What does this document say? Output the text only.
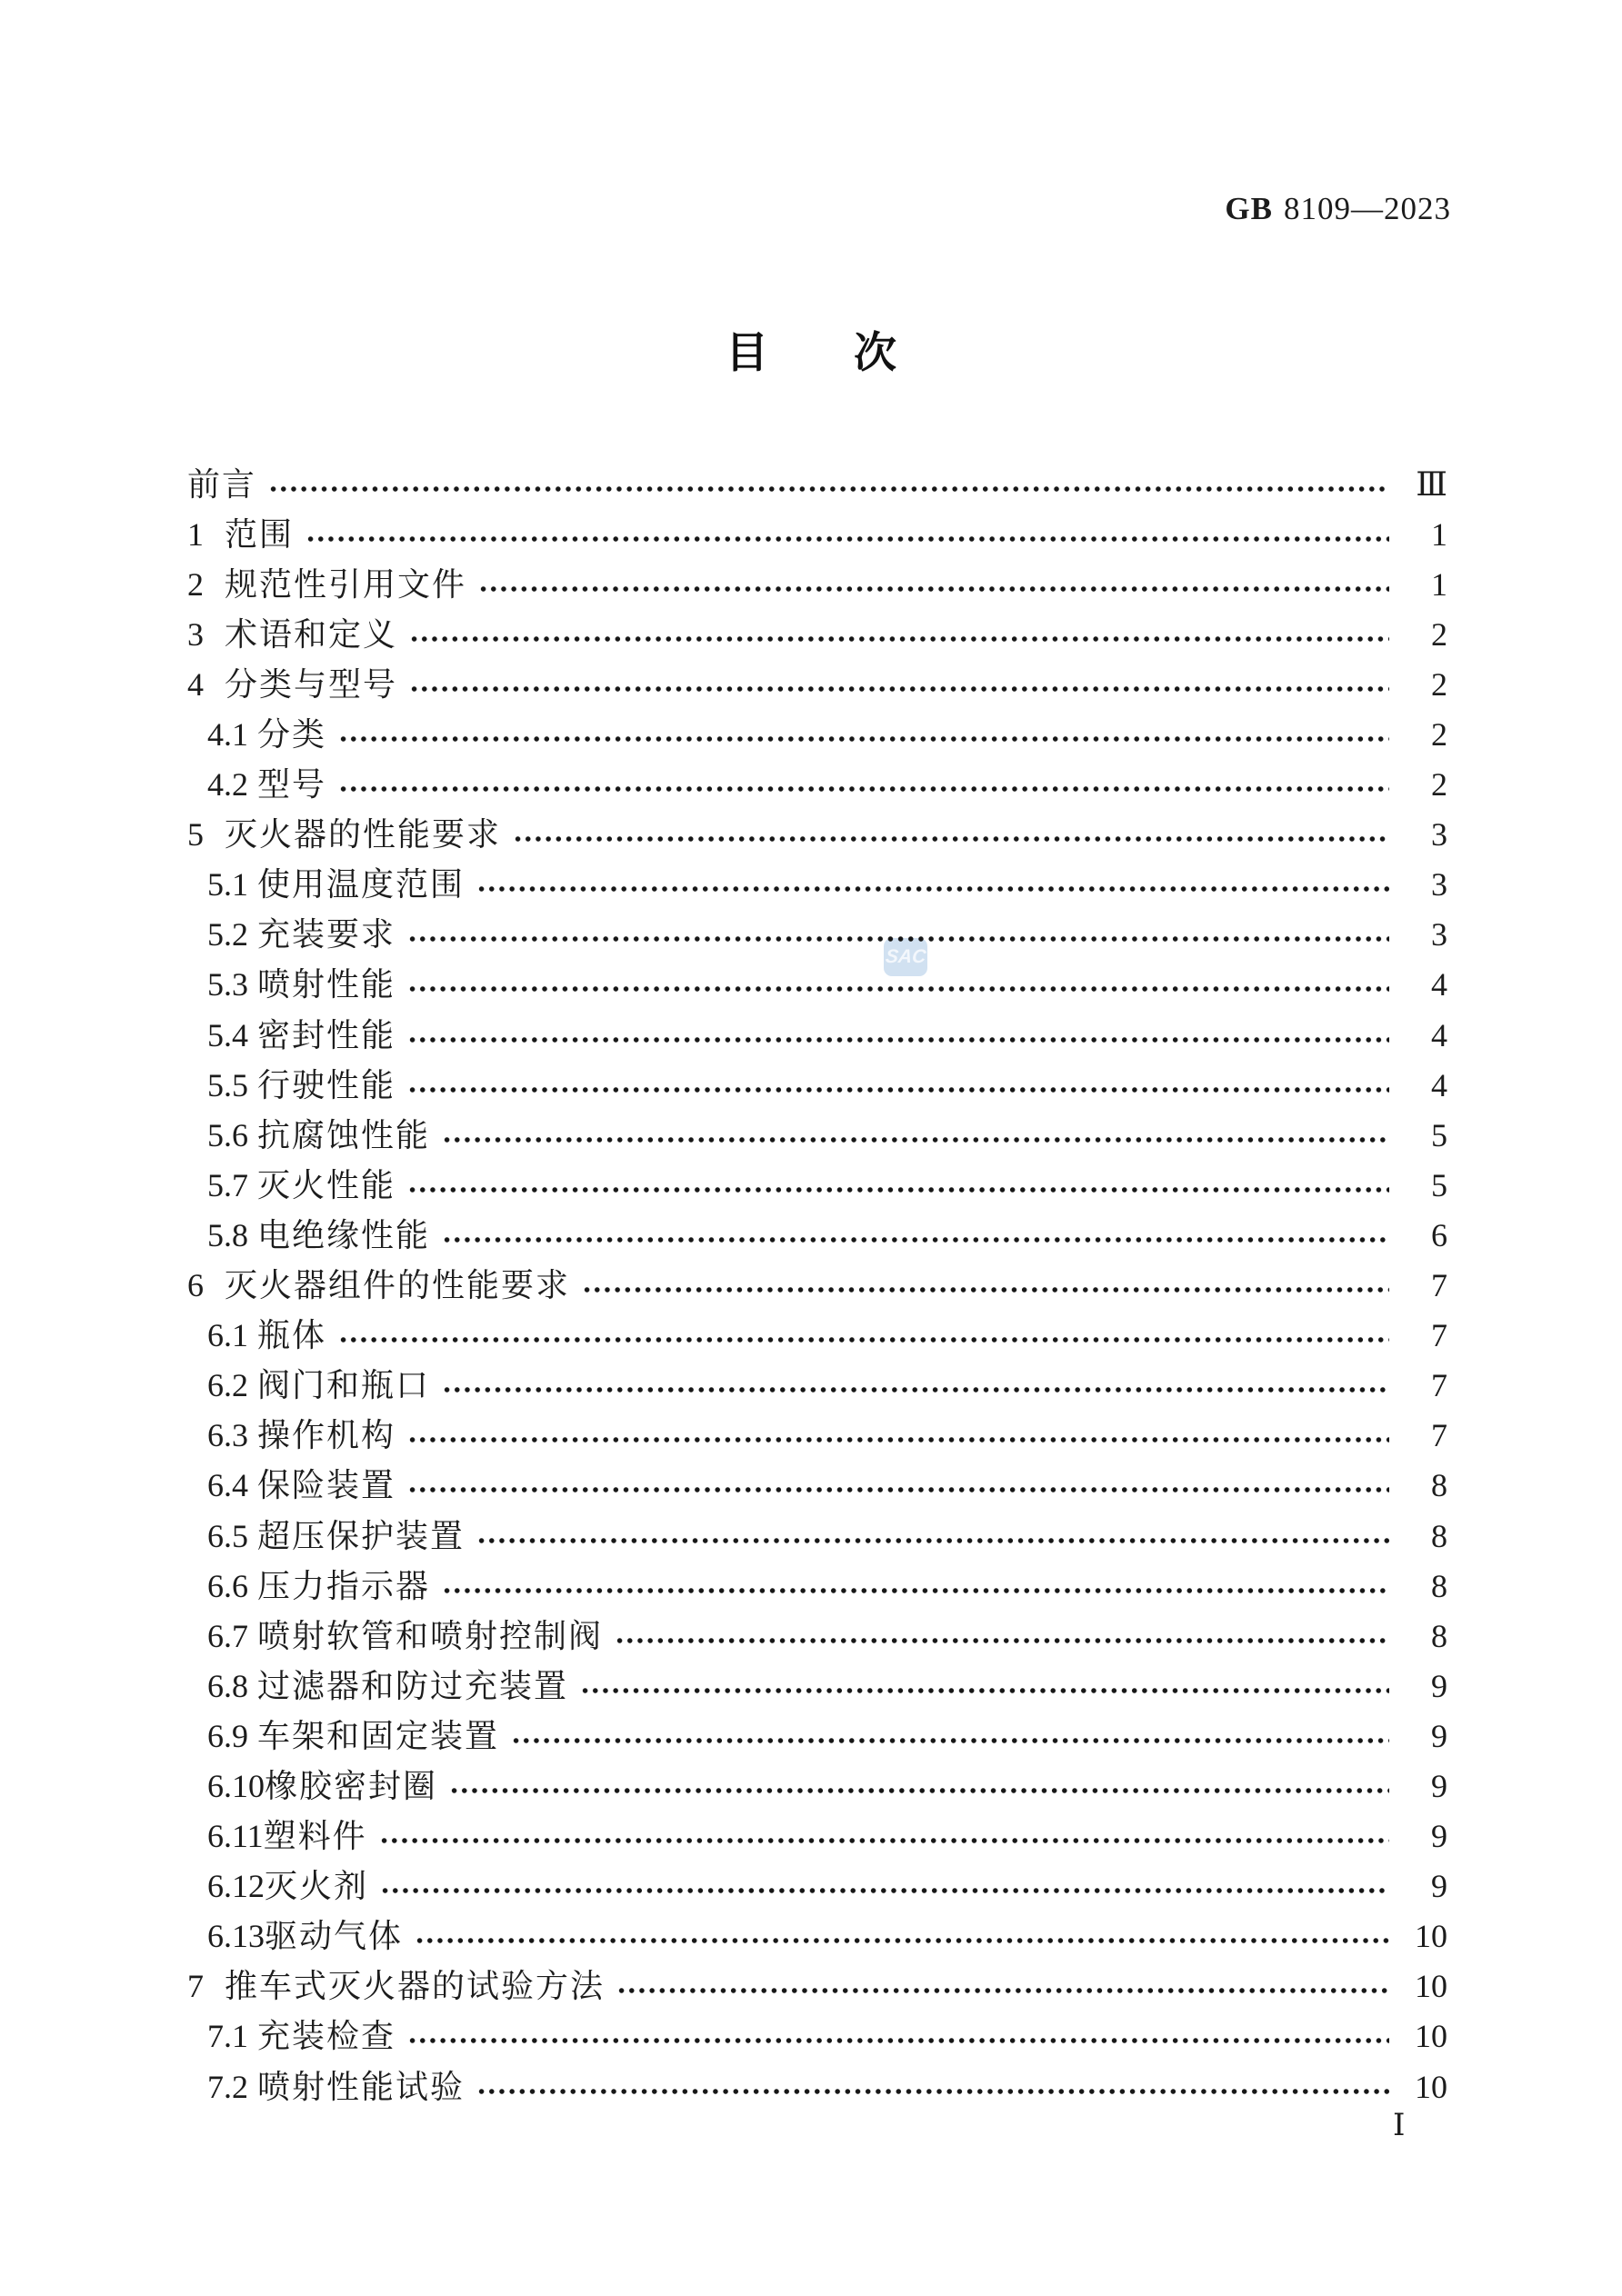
GB 8109—2023
目　　次
SAC
前言	Ⅲ
1 范围	1
2 规范性引用文件	1
3 术语和定义	2
4 分类与型号	2
4.1 分类	2
4.2 型号	2
5 灭火器的性能要求	3
5.1 使用温度范围	3
5.2 充装要求	3
5.3 喷射性能	4
5.4 密封性能	4
5.5 行驶性能	4
5.6 抗腐蚀性能	5
5.7 灭火性能	5
5.8 电绝缘性能	6
6 灭火器组件的性能要求	7
6.1 瓶体	7
6.2 阀门和瓶口	7
6.3 操作机构	7
6.4 保险装置	8
6.5 超压保护装置	8
6.6 压力指示器	8
6.7 喷射软管和喷射控制阀	8
6.8 过滤器和防过充装置	9
6.9 车架和固定装置	9
6.10 橡胶密封圈	9
6.11 塑料件	9
6.12 灭火剂	9
6.13 驱动气体	10
7 推车式灭火器的试验方法	10
7.1 充装检查	10
7.2 喷射性能试验	10
Ⅰ
